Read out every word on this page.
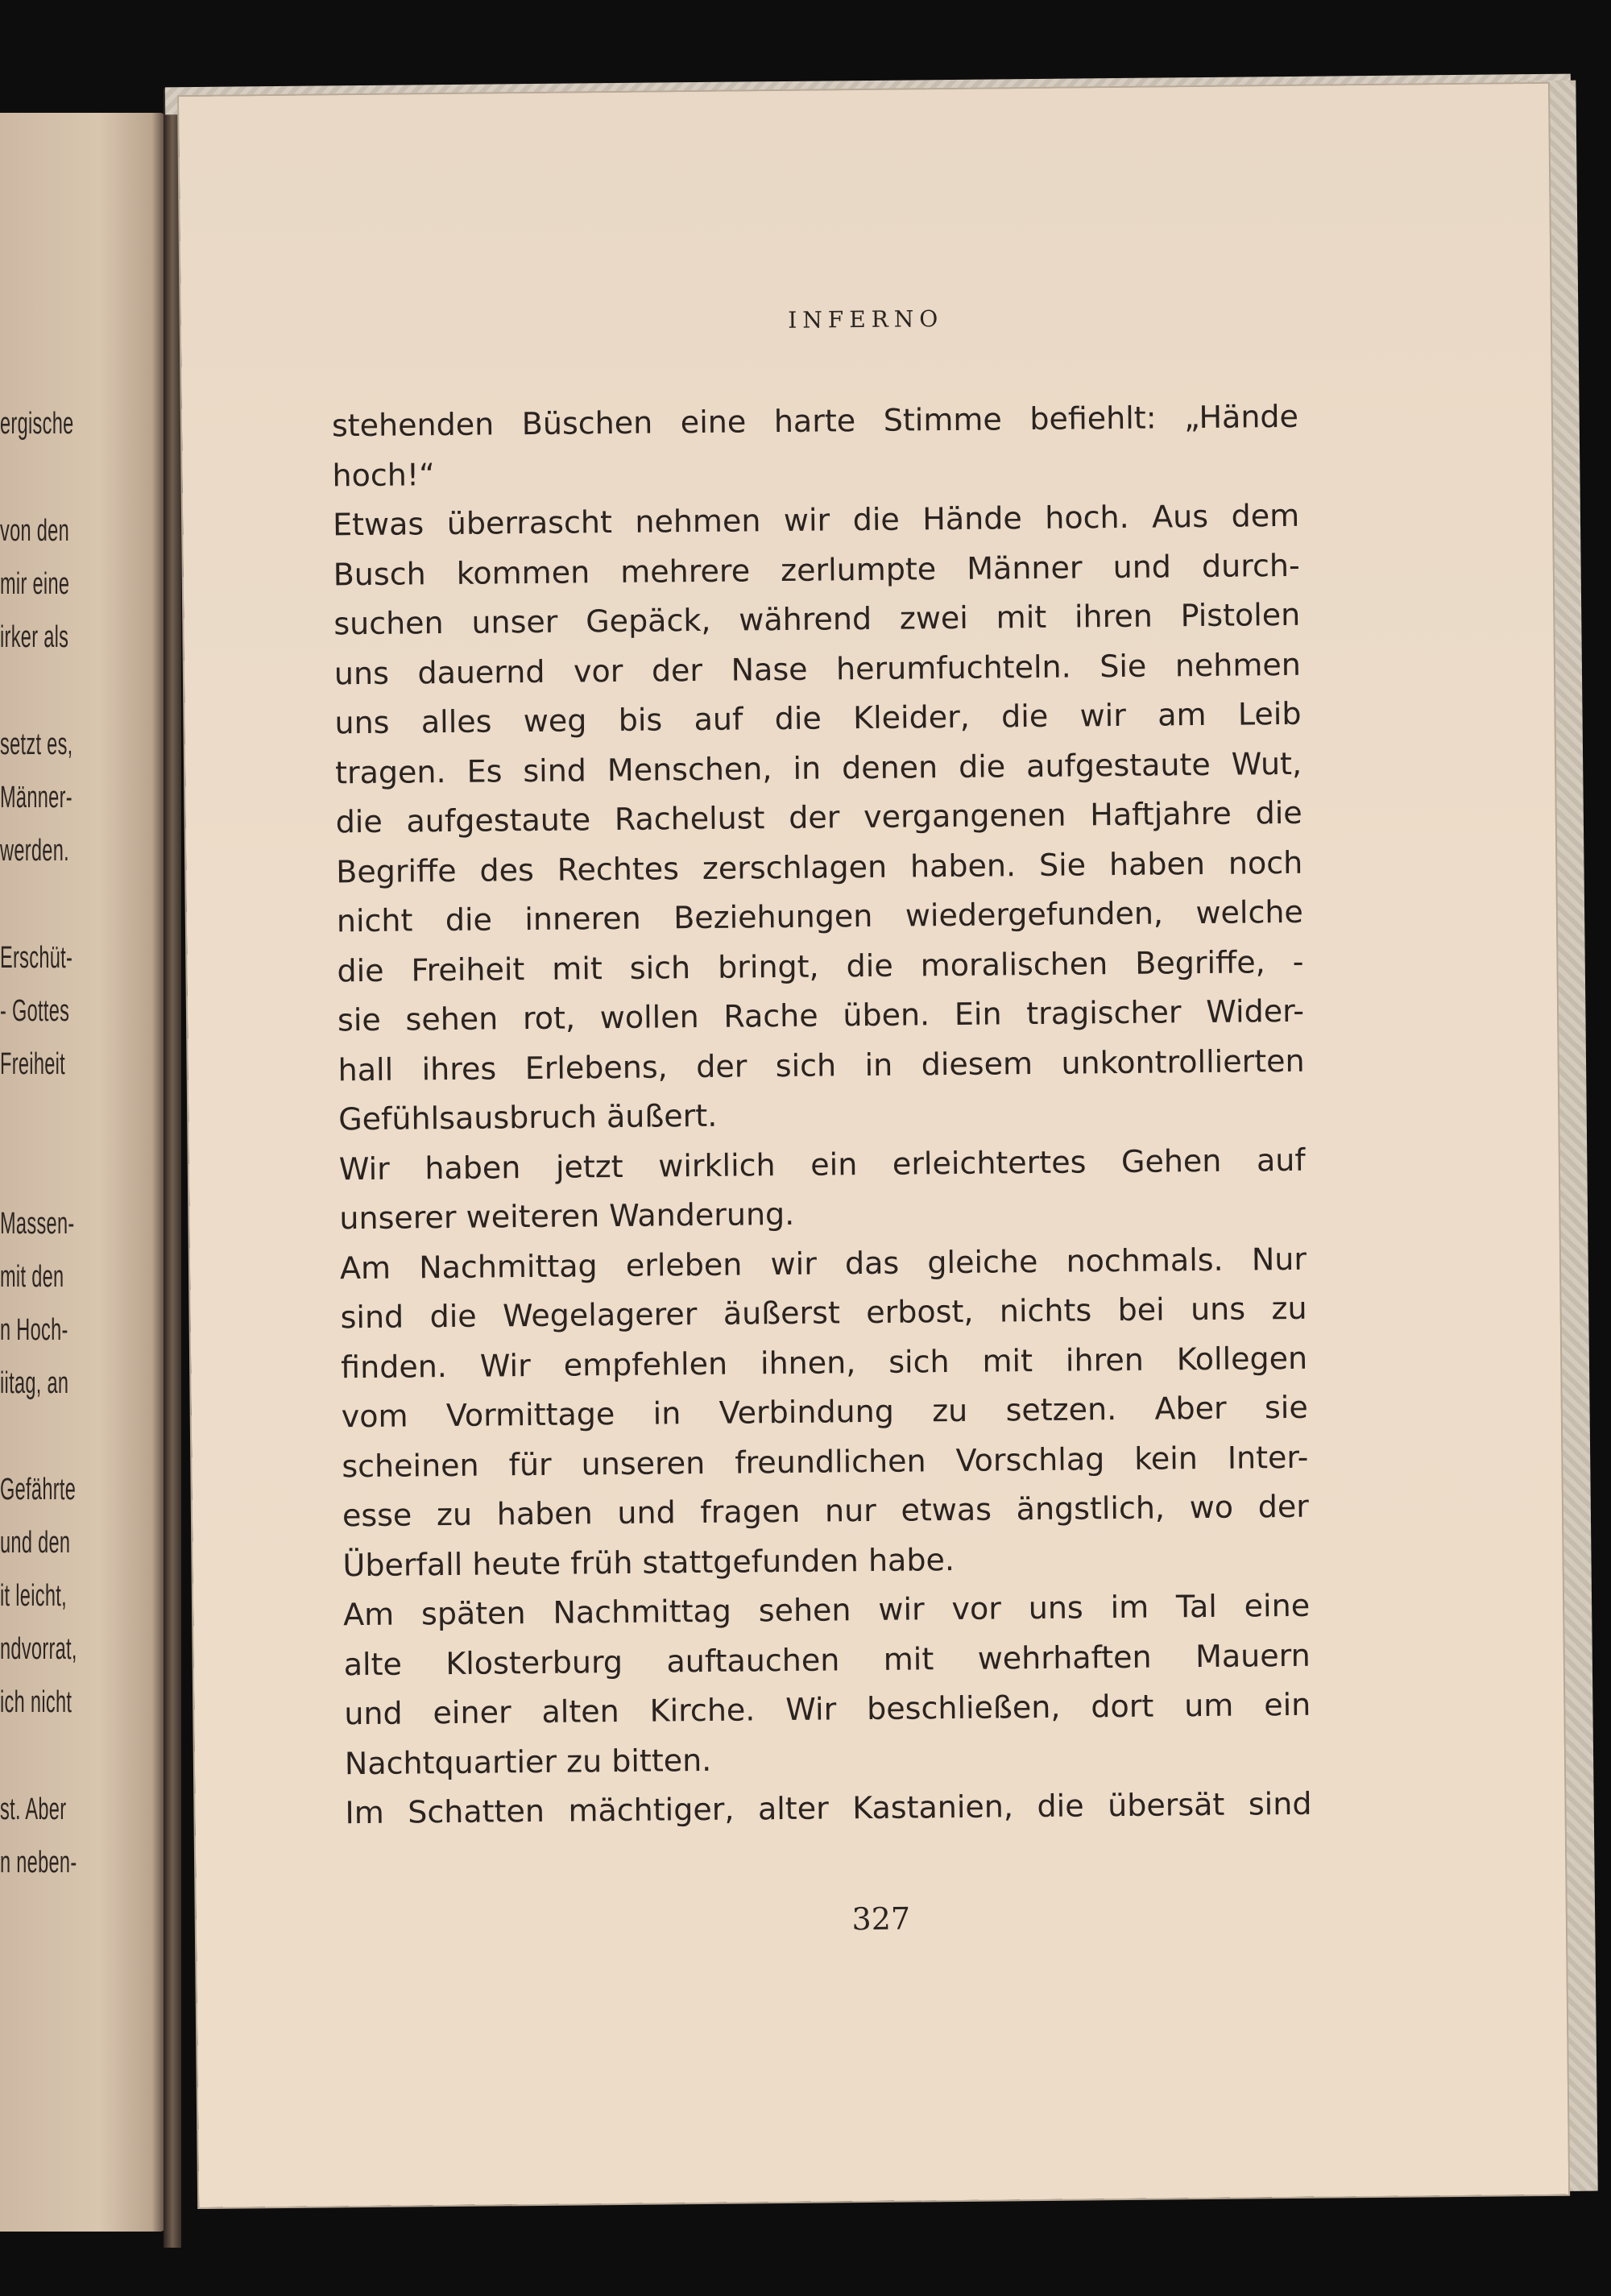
ergische

von den

mir eine

irker als

setzt es,

Männer-

werden.

Erschüt-

- Gottes

Freiheit

Massen-

mit den

n Hoch-

iitag, an

Gefährte

und den

it leicht,

ndvorrat,

ich nicht

st. Aber

n neben-

INFERNO

stehenden Büschen eine harte Stimme befiehlt: „Hände
hoch!“
Etwas überrascht nehmen wir die Hände hoch. Aus dem
Busch kommen mehrere zerlumpte Männer und durch-
suchen unser Gepäck, während zwei mit ihren Pistolen
uns dauernd vor der Nase herumfuchteln. Sie nehmen
uns alles weg bis auf die Kleider, die wir am Leib
tragen. Es sind Menschen, in denen die aufgestaute Wut,
die aufgestaute Rachelust der vergangenen Haftjahre die
Begriffe des Rechtes zerschlagen haben. Sie haben noch
nicht die inneren Beziehungen wiedergefunden, welche
die Freiheit mit sich bringt, die moralischen Begriffe, -
sie sehen rot, wollen Rache üben. Ein tragischer Wider-
hall ihres Erlebens, der sich in diesem unkontrollierten
Gefühlsausbruch äußert.
Wir haben jetzt wirklich ein erleichtertes Gehen auf
unserer weiteren Wanderung.
Am Nachmittag erleben wir das gleiche nochmals. Nur
sind die Wegelagerer äußerst erbost, nichts bei uns zu
finden. Wir empfehlen ihnen, sich mit ihren Kollegen
vom Vormittage in Verbindung zu setzen. Aber sie
scheinen für unseren freundlichen Vorschlag kein Inter-
esse zu haben und fragen nur etwas ängstlich, wo der
Überfall heute früh stattgefunden habe.
Am späten Nachmittag sehen wir vor uns im Tal eine
alte Klosterburg auftauchen mit wehrhaften Mauern
und einer alten Kirche. Wir beschließen, dort um ein
Nachtquartier zu bitten.
Im Schatten mächtiger, alter Kastanien, die übersät sind

327
